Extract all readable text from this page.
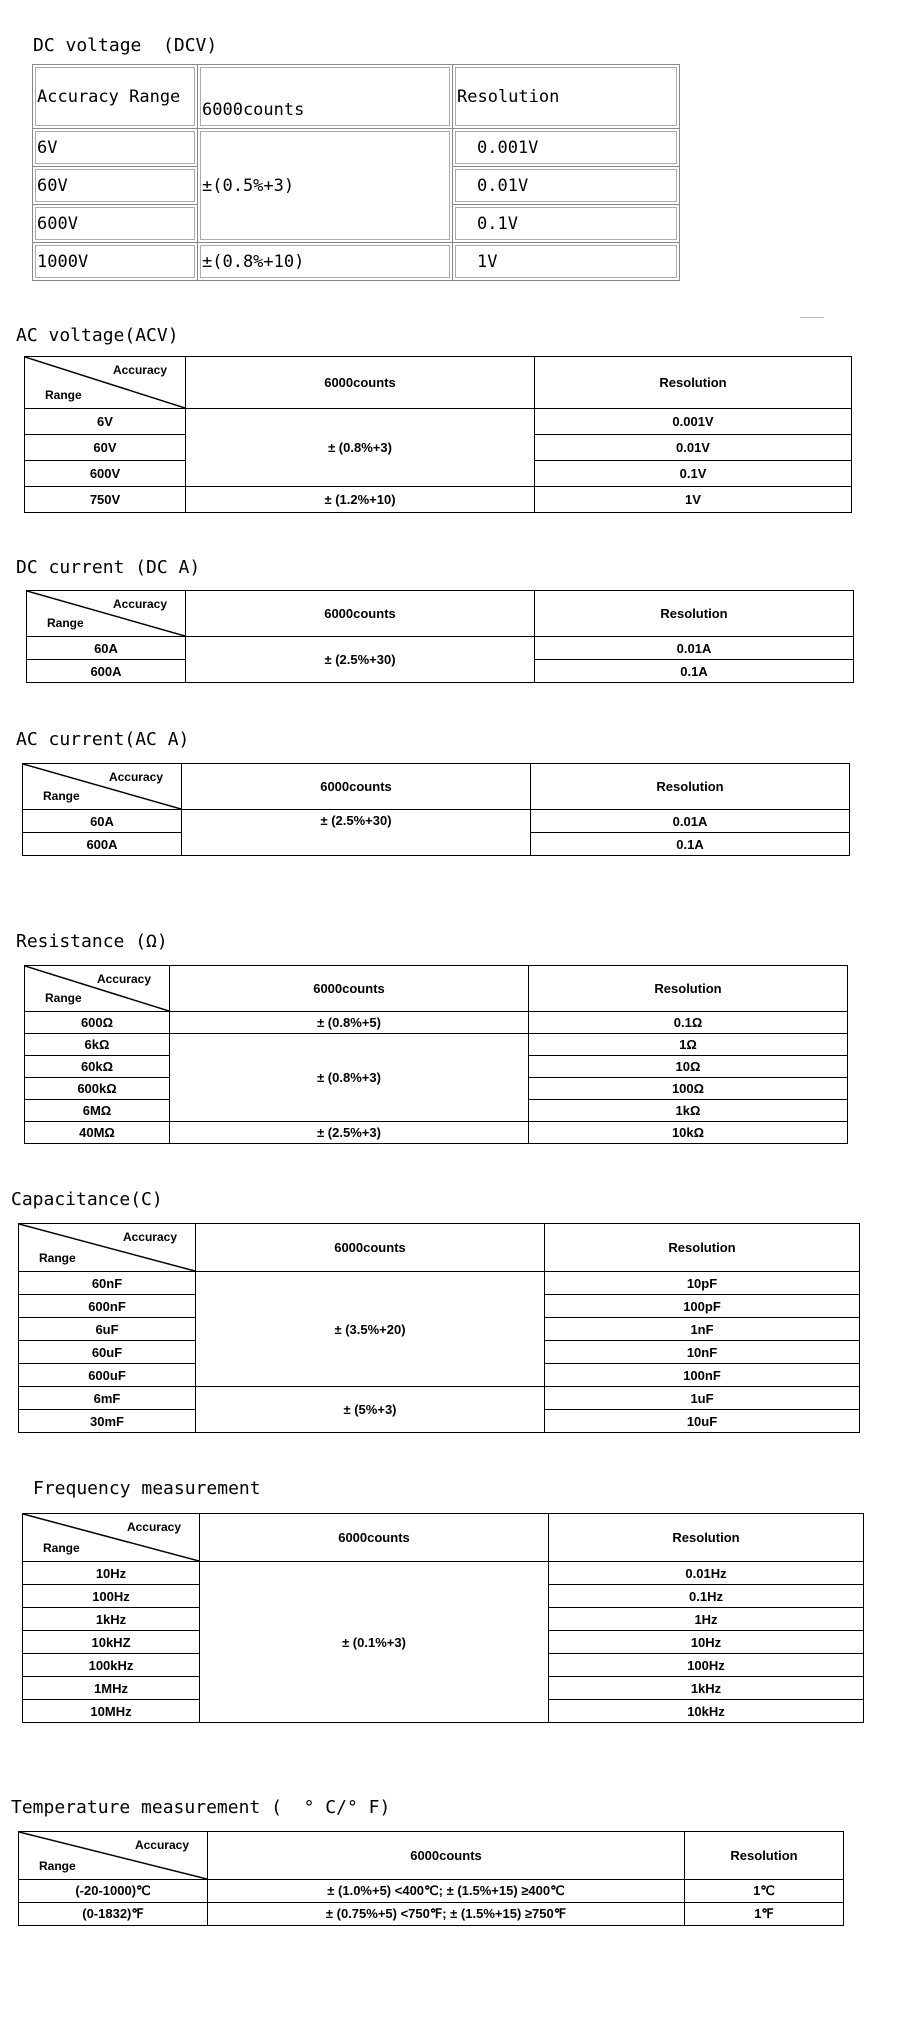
DC voltage  (DCV)
Accuracy Range	6000counts	Resolution
6V	±(0.5%+3)	0.001V
60V		0.01V
600V		0.1V
1000V	±(0.8%+10)	1V
AC voltage(ACV)
Accuracy
Range	6000counts	Resolution
6V	± (0.8%+3)	0.001V
60V		0.01V
600V		0.1V
750V	± (1.2%+10)	1V
DC current (DC A)
Accuracy
Range	6000counts	Resolution
60A	± (2.5%+30)	0.01A
600A		0.1A
AC current(AC A)
Accuracy
Range	6000counts	Resolution
60A	± (2.5%+30)	0.01A
600A		0.1A
Resistance (Ω)
Accuracy
Range	6000counts	Resolution
600Ω	± (0.8%+5)	0.1Ω
6kΩ	± (0.8%+3)	1Ω
60kΩ		10Ω
600kΩ		100Ω
6MΩ		1kΩ
40MΩ	± (2.5%+3)	10kΩ
Capacitance(C)
Accuracy
Range	6000counts	Resolution
60nF	± (3.5%+20)	10pF
600nF		100pF
6uF		1nF
60uF		10nF
600uF		100nF
6mF	± (5%+3)	1uF
30mF		10uF
Frequency measurement
Accuracy
Range	6000counts	Resolution
10Hz	± (0.1%+3)	0.01Hz
100Hz		0.1Hz
1kHz		1Hz
10kHZ		10Hz
100kHz		100Hz
1MHz		1kHz
10MHz		10kHz
Temperature measurement (  ° C/° F)
Accuracy
Range	6000counts	Resolution
(-20-1000)℃	± (1.0%+5) <400℃; ± (1.5%+15) ≥400℃	1℃
(0-1832)℉	± (0.75%+5) <750℉; ± (1.5%+15) ≥750℉	1℉
